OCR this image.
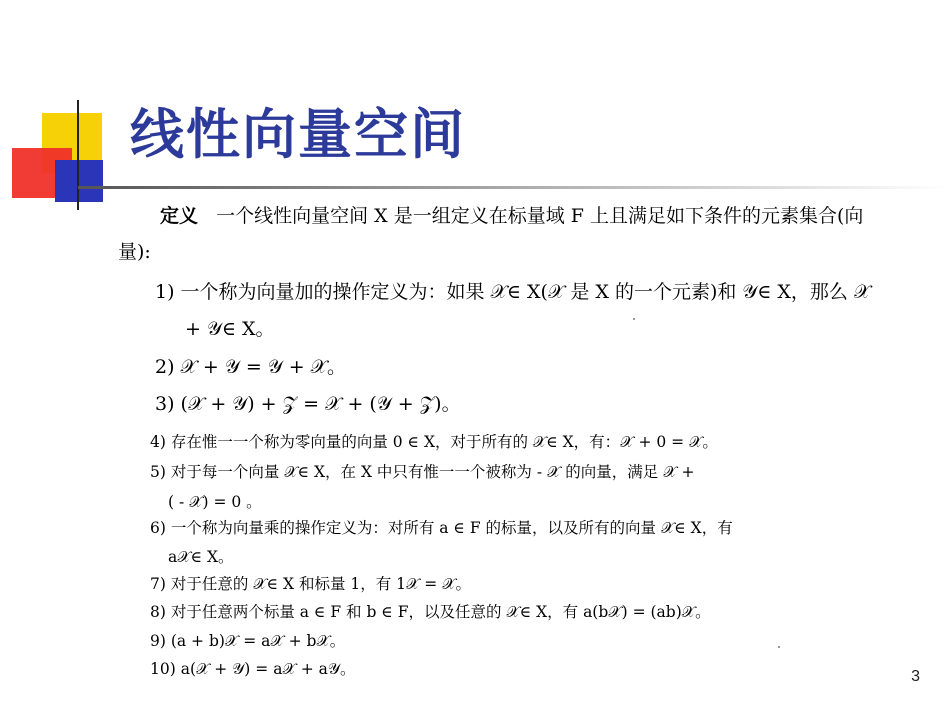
线性向量空间
定义 一个线性向量空间 X 是一组定义在标量域 F 上且满足如下条件的元素集合(向
量):
1) 一个称为向量加的操作定义为：如果 𝒳∈ X(𝒳 是 X 的一个元素)和 𝒴∈ X，那么 𝒳
+ 𝒴∈ X。
2) 𝒳 + 𝒴 = 𝒴 + 𝒳。
3) (𝒳 + 𝒴) + 𝒵 = 𝒳 + (𝒴 + 𝒵)。
4) 存在惟一一个称为零向量的向量 0 ∈ X，对于所有的 𝒳∈ X，有：𝒳 + 0 = 𝒳。
5) 对于每一个向量 𝒳∈ X，在 X 中只有惟一一个被称为 - 𝒳 的向量，满足 𝒳 +
( - 𝒳) = 0 。
6) 一个称为向量乘的操作定义为：对所有 a ∈ F 的标量，以及所有的向量 𝒳∈ X，有
a𝒳∈ X。
7) 对于任意的 𝒳∈ X 和标量 1，有 1𝒳 = 𝒳。
8) 对于任意两个标量 a ∈ F 和 b ∈ F，以及任意的 𝒳∈ X，有 a(b𝒳) = (ab)𝒳。
9) (a + b)𝒳 = a𝒳 + b𝒳。
10) a(𝒳 + 𝒴) = a𝒳 + a𝒴。	3
